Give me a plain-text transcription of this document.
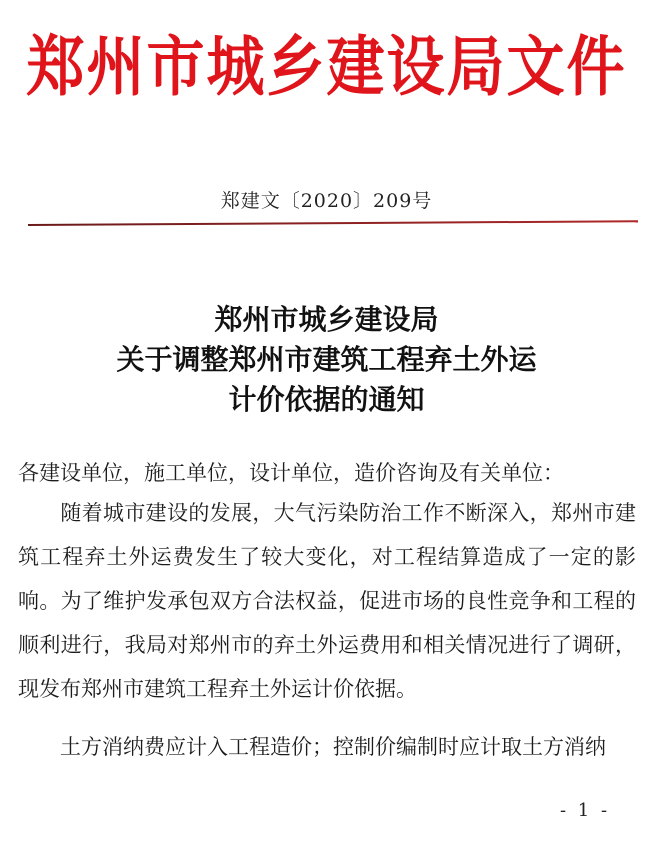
郑州市城乡建设局文件
郑建文〔2020〕209号
郑州市城乡建设局
关于调整郑州市建筑工程弃土外运
计价依据的通知
各建设单位，施工单位，设计单位，造价咨询及有关单位：
随着城市建设的发展，大气污染防治工作不断深入，郑州市建筑工程弃土外运费发生了较大变化，对工程结算造成了一定的影响。为了维护发承包双方合法权益，促进市场的良性竞争和工程的顺利进行，我局对郑州市的弃土外运费用和相关情况进行了调研，现发布郑州市建筑工程弃土外运计价依据。
土方消纳费应计入工程造价；控制价编制时应计取土方消纳
- 1 -
